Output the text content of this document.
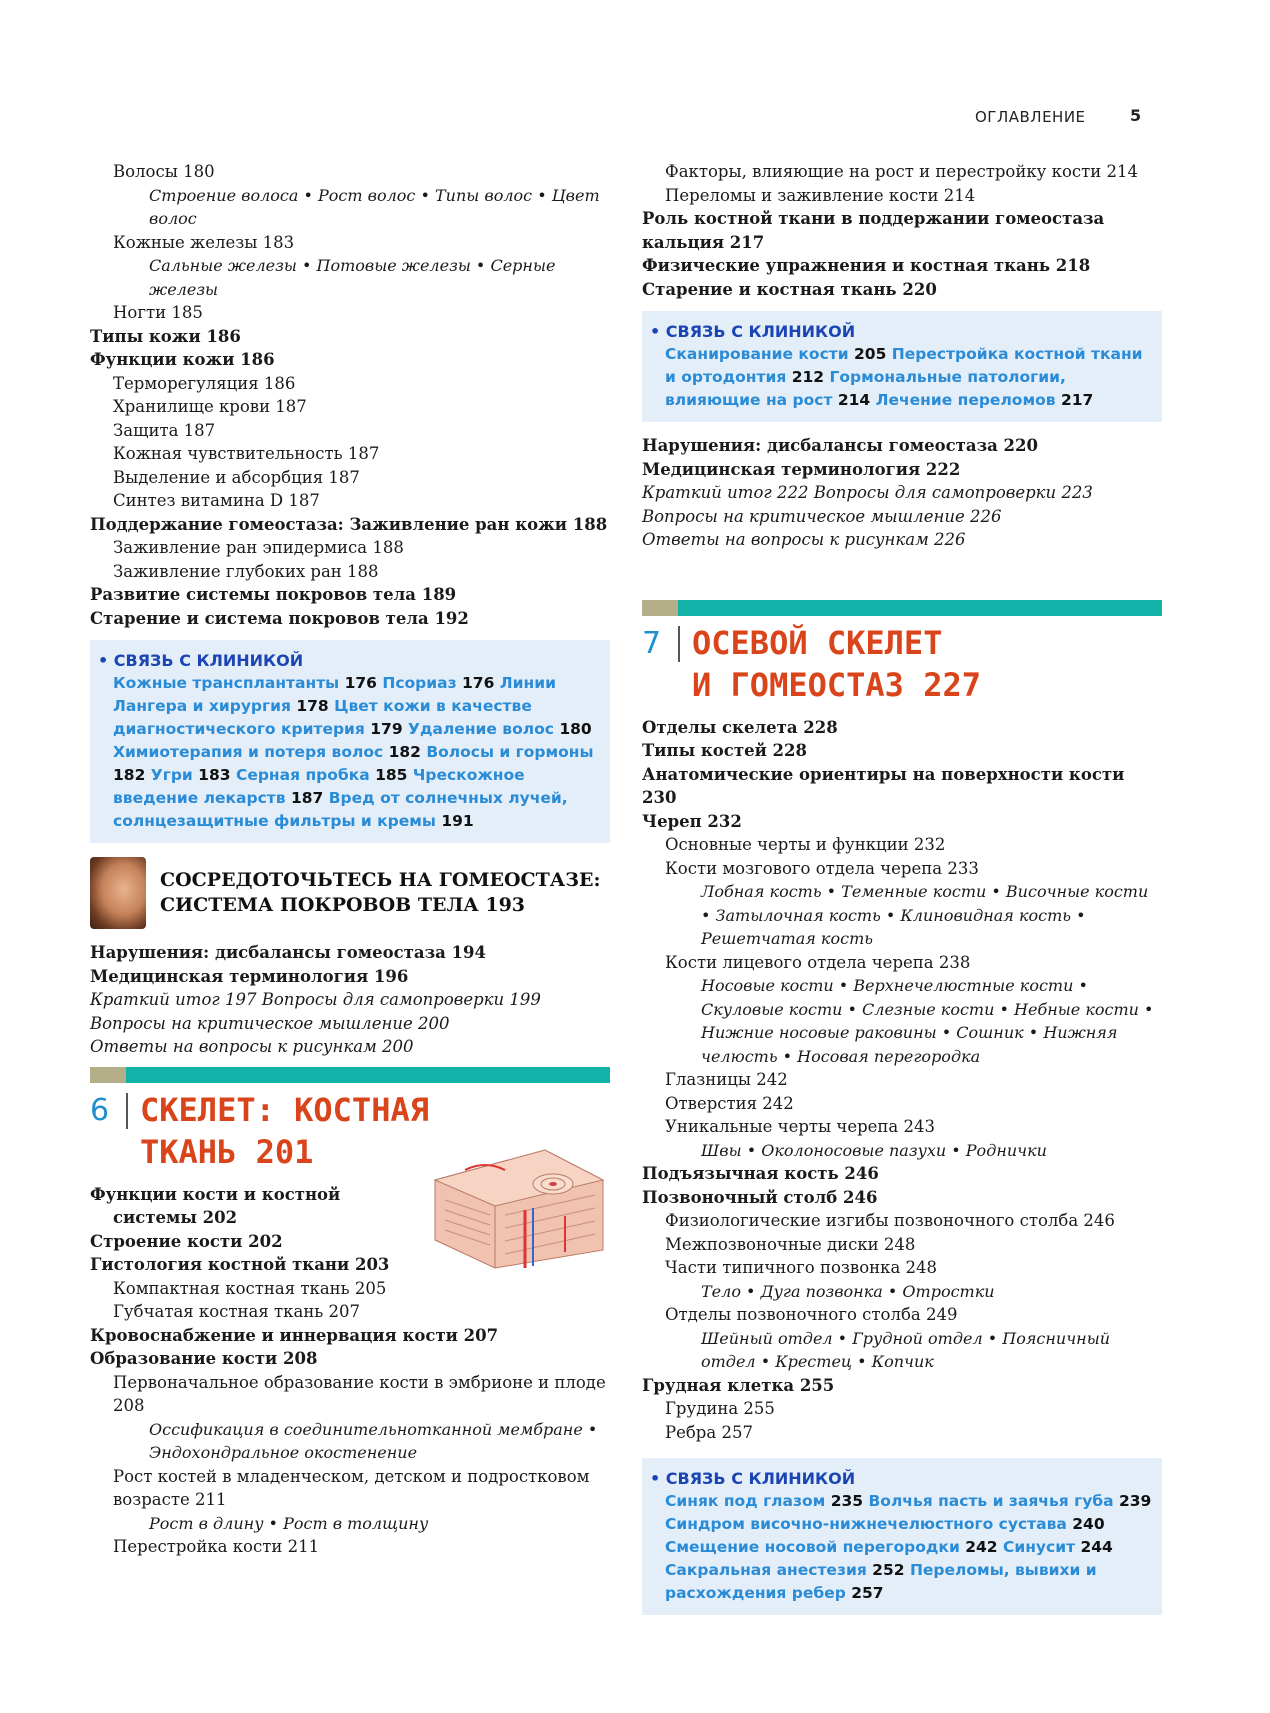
ОГЛАВЛЕНИЕ	5
Волосы 180
Строение волоса • Рост волос • Типы волос • Цвет волос
Кожные железы 183
Сальные железы • Потовые железы • Серные железы
Ногти 185
Типы кожи 186
Функции кожи 186
Терморегуляция 186
Хранилище крови 187
Защита 187
Кожная чувствительность 187
Выделение и абсорбция 187
Синтез витамина D 187
Поддержание гомеостаза: Заживление ран кожи 188
Заживление ран эпидермиса 188
Заживление глубоких ран 188
Развитие системы покровов тела 189
Старение и система покровов тела 192
• СВЯЗЬ С КЛИНИКОЙ
Кожные трансплантанты 176 Псориаз 176 Линии Лангера и хирургия 178 Цвет кожи в качестве диагностического критерия 179 Удаление волос 180 Химиотерапия и потеря волос 182 Волосы и гормоны 182 Угри 183 Серная пробка 185 Чрескожное введение лекарств 187 Вред от солнечных лучей, солнцезащитные фильтры и кремы 191
СОСРЕДОТОЧЬТЕСЬ НА ГОМЕОСТАЗЕ:
СИСТЕМА ПОКРОВОВ ТЕЛА 193
Нарушения: дисбалансы гомеостаза 194
Медицинская терминология 196
Краткий итог 197 Вопросы для самопроверки 199
Вопросы на критическое мышление 200
Ответы на вопросы к рисункам 200
6 СКЕЛЕТ: КОСТНАЯ
ТКАНЬ 201
Функции кости и костной
системы 202
Строение кости 202
Гистология костной ткани 203
Компактная костная ткань 205
Губчатая костная ткань 207
Кровоснабжение и иннервация кости 207
Образование кости 208
Первоначальное образование кости в эмбрионе и плоде 208
Оссификация в соединительнотканной мембране • Эндохондральное окостенение
Рост костей в младенческом, детском и подростковом возрасте 211
Рост в длину • Рост в толщину
Перестройка кости 211
Факторы, влияющие на рост и перестройку кости 214
Переломы и заживление кости 214
Роль костной ткани в поддержании гомеостаза кальция 217
Физические упражнения и костная ткань 218
Старение и костная ткань 220
• СВЯЗЬ С КЛИНИКОЙ
Сканирование кости 205 Перестройка костной ткани и ортодонтия 212 Гормональные патологии, влияющие на рост 214 Лечение переломов 217
Нарушения: дисбалансы гомеостаза 220
Медицинская терминология 222
Краткий итог 222 Вопросы для самопроверки 223
Вопросы на критическое мышление 226
Ответы на вопросы к рисункам 226
7 ОСЕВОЙ СКЕЛЕТ
И ГОМЕОСТАЗ 227
Отделы скелета 228
Типы костей 228
Анатомические ориентиры на поверхности кости 230
Череп 232
Основные черты и функции 232
Кости мозгового отдела черепа 233
Лобная кость • Теменные кости • Височные кости • Затылочная кость • Клиновидная кость • Решетчатая кость
Кости лицевого отдела черепа 238
Носовые кости • Верхнечелюстные кости • Скуловые кости • Слезные кости • Небные кости • Нижние носовые раковины • Сошник • Нижняя челюсть • Носовая перегородка
Глазницы 242
Отверстия 242
Уникальные черты черепа 243
Швы • Околоносовые пазухи • Роднички
Подъязычная кость 246
Позвоночный столб 246
Физиологические изгибы позвоночного столба 246
Межпозвоночные диски 248
Части типичного позвонка 248
Тело • Дуга позвонка • Отростки
Отделы позвоночного столба 249
Шейный отдел • Грудной отдел • Поясничный отдел • Крестец • Копчик
Грудная клетка 255
Грудина 255
Ребра 257
• СВЯЗЬ С КЛИНИКОЙ
Синяк под глазом 235 Волчья пасть и заячья губа 239 Синдром височно-нижнечелюстного сустава 240 Смещение носовой перегородки 242 Синусит 244 Сакральная анестезия 252 Переломы, вывихи и расхождения ребер 257
